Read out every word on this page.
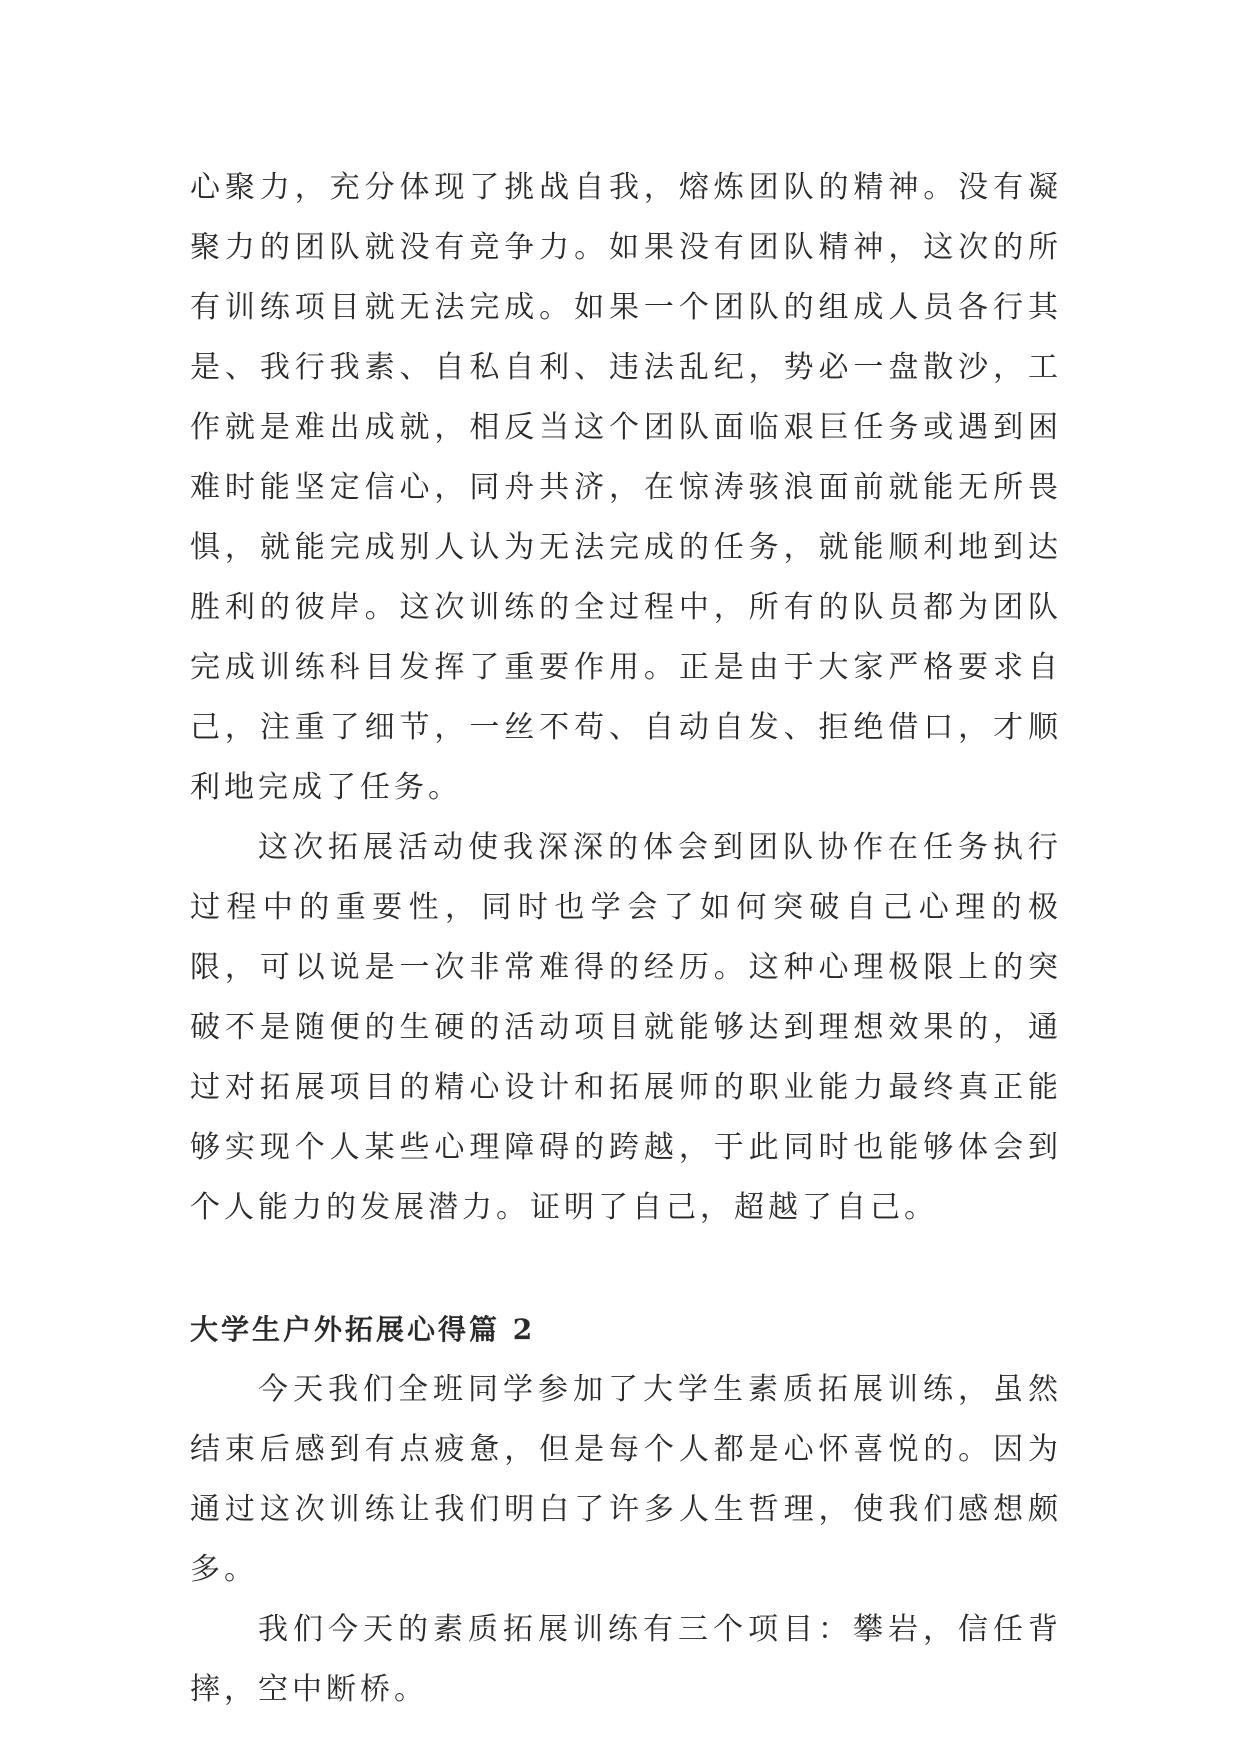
心聚力，充分体现了挑战自我，熔炼团队的精神。没有凝聚力的团队就没有竞争力。如果没有团队精神，这次的所有训练项目就无法完成。如果一个团队的组成人员各行其是、我行我素、自私自利、违法乱纪，势必一盘散沙，工作就是难出成就，相反当这个团队面临艰巨任务或遇到困难时能坚定信心，同舟共济，在惊涛骇浪面前就能无所畏惧，就能完成别人认为无法完成的任务，就能顺利地到达胜利的彼岸。这次训练的全过程中，所有的队员都为团队完成训练科目发挥了重要作用。正是由于大家严格要求自己，注重了细节，一丝不苟、自动自发、拒绝借口，才顺利地完成了任务。

这次拓展活动使我深深的体会到团队协作在任务执行过程中的重要性，同时也学会了如何突破自己心理的极限，可以说是一次非常难得的经历。这种心理极限上的突破不是随便的生硬的活动项目就能够达到理想效果的，通过对拓展项目的精心设计和拓展师的职业能力最终真正能够实现个人某些心理障碍的跨越，于此同时也能够体会到个人能力的发展潜力。证明了自己，超越了自己。

大学生户外拓展心得篇 2

今天我们全班同学参加了大学生素质拓展训练，虽然结束后感到有点疲惫，但是每个人都是心怀喜悦的。因为通过这次训练让我们明白了许多人生哲理，使我们感想颇多。

我们今天的素质拓展训练有三个项目：攀岩，信任背摔，空中断桥。
